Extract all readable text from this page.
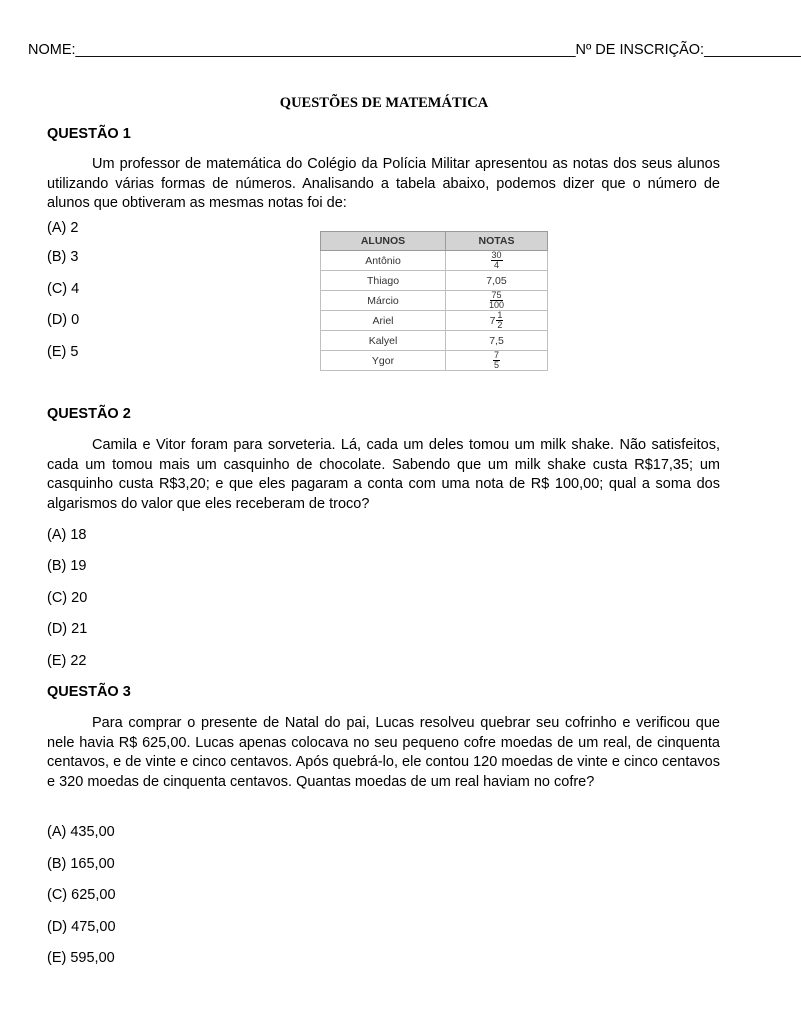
NOME:______________________________________________________________Nº DE INSCRIÇÃO:____________
QUESTÕES DE MATEMÁTICA
QUESTÃO 1
Um professor de matemática do Colégio da Polícia Militar apresentou as notas dos seus alunos utilizando várias formas de números. Analisando a tabela abaixo, podemos dizer que o número de alunos que obtiveram as mesmas notas foi de:
(A) 2
(B) 3
(C) 4
(D) 0
(E) 5
ALUNOS	NOTAS
Antônio	$\frac{30}{4}$

Thiago	7,05
Márcio	$\frac{75}{100}$

Ariel	$7 \frac{1}{2}$

Kalyel	7,5
Ygor	$\frac{7}{5}$
QUESTÃO 2
Camila e Vitor foram para sorveteria. Lá, cada um deles tomou um milk shake. Não satisfeitos, cada um tomou mais um casquinho de chocolate. Sabendo que um milk shake custa R$17,35; um casquinho custa R$3,20; e que eles pagaram a conta com uma nota de R$ 100,00; qual a soma dos algarismos do valor que eles receberam de troco?
(A) 18
(B) 19
(C) 20
(D) 21
(E) 22
QUESTÃO 3
Para comprar o presente de Natal do pai, Lucas resolveu quebrar seu cofrinho e verificou que nele havia R$ 625,00. Lucas apenas colocava no seu pequeno cofre moedas de um real, de cinquenta centavos, e de vinte e cinco centavos. Após quebrá-lo, ele contou 120 moedas de vinte e cinco centavos e 320 moedas de cinquenta centavos. Quantas moedas de um real haviam no cofre?
(A) 435,00
(B) 165,00
(C) 625,00
(D) 475,00
(E) 595,00
